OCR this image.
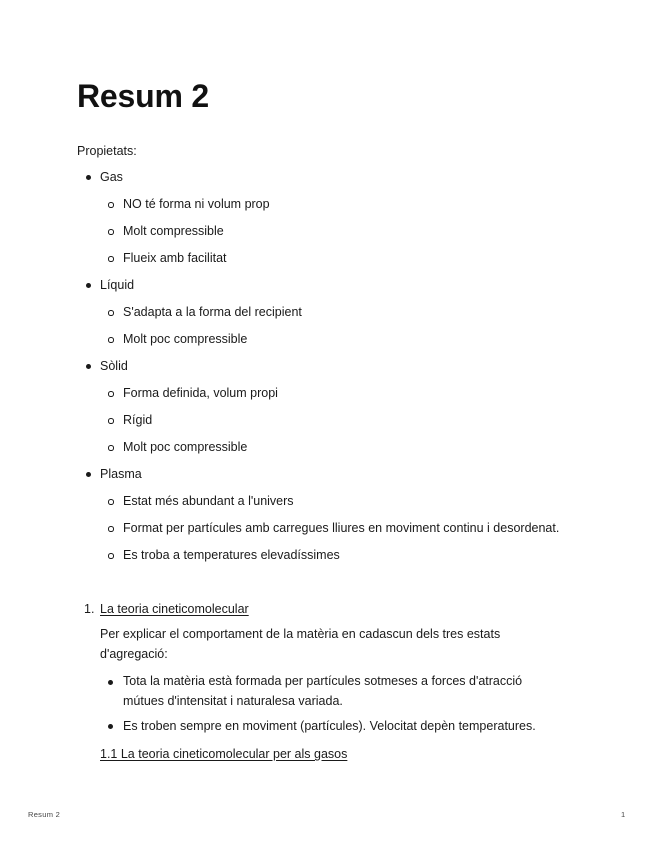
Resum 2

Propietats:

Gas

NO té forma ni volum prop

Molt compressible

Flueix amb facilitat

Líquid

S'adapta a la forma del recipient

Molt poc compressible

Sòlid

Forma definida, volum propi

Rígid

Molt poc compressible

Plasma

Estat més abundant a l'univers

Format per partícules amb carregues lliures en moviment continu i desordenat.

Es troba a temperatures elevadíssimes

1. La teoria cineticomolecular

Per explicar el comportament de la matèria en cadascun dels tres estats d'agregació:

Tota la matèria està formada per partícules sotmeses a forces d'atracció mútues d'intensitat i naturalesa variada.

Es troben sempre en moviment (partícules). Velocitat depèn temperatures.

1.1 La teoria cineticomolecular per als gasos

Resum 2	1
